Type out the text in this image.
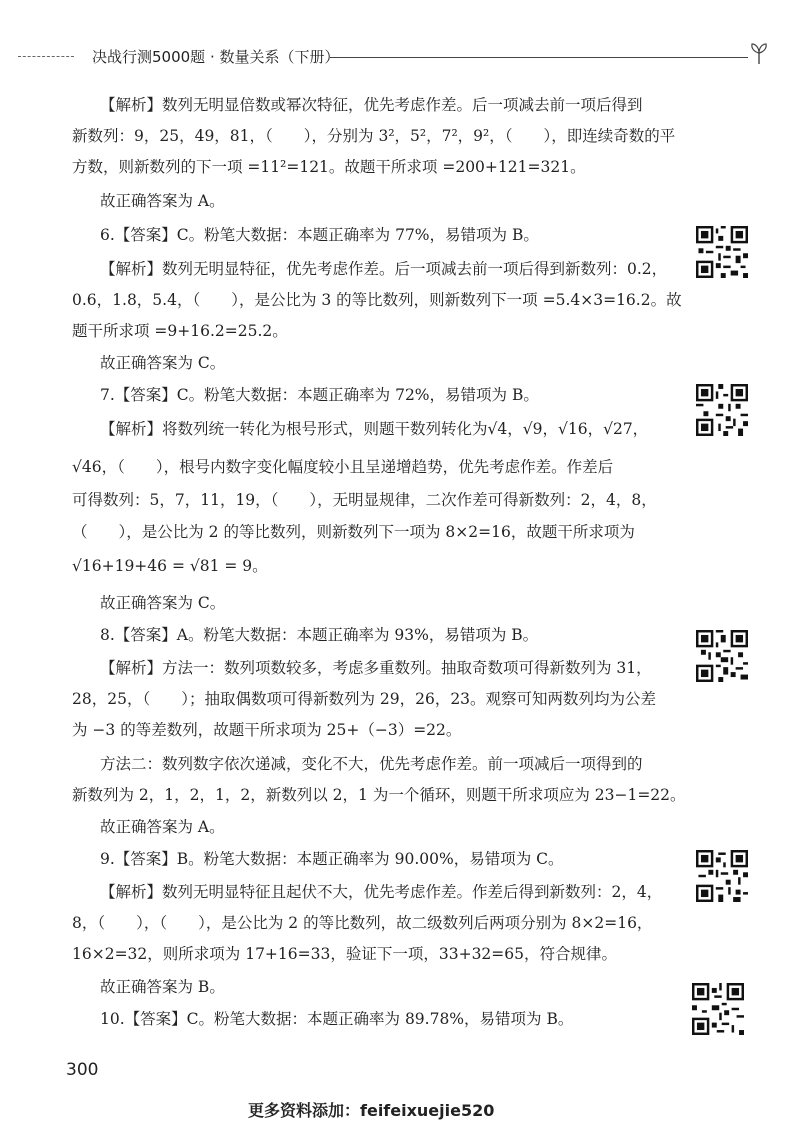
决战行测5000题 · 数量关系（下册）
【解析】数列无明显倍数或幂次特征，优先考虑作差。后一项减去前一项后得到
新数列：9，25，49，81，（　　），分别为 3²，5²，7²，9²，（　　），即连续奇数的平
方数，则新数列的下一项 =11²=121。故题干所求项 =200+121=321。
故正确答案为 A。
6.【答案】C。粉笔大数据：本题正确率为 77%，易错项为 B。
【解析】数列无明显特征，优先考虑作差。后一项减去前一项后得到新数列：0.2，
0.6，1.8，5.4，（　　），是公比为 3 的等比数列，则新数列下一项 =5.4×3=16.2。故
题干所求项 =9+16.2=25.2。
故正确答案为 C。
7.【答案】C。粉笔大数据：本题正确率为 72%，易错项为 B。
【解析】将数列统一转化为根号形式，则题干数列转化为√4，√9，√16，√27，
√46，（　　），根号内数字变化幅度较小且呈递增趋势，优先考虑作差。作差后
可得数列：5，7，11，19，（　　），无明显规律，二次作差可得新数列：2，4，8，
（　　），是公比为 2 的等比数列，则新数列下一项为 8×2=16，故题干所求项为
√16+19+46 = √81 = 9。
故正确答案为 C。
8.【答案】A。粉笔大数据：本题正确率为 93%，易错项为 B。
【解析】方法一：数列项数较多，考虑多重数列。抽取奇数项可得新数列为 31，
28，25，（　　）；抽取偶数项可得新数列为 29，26，23。观察可知两数列均为公差
为 −3 的等差数列，故题干所求项为 25+（−3）=22。
方法二：数列数字依次递减，变化不大，优先考虑作差。前一项减后一项得到的
新数列为 2，1，2，1，2，新数列以 2，1 为一个循环，则题干所求项应为 23−1=22。
故正确答案为 A。
9.【答案】B。粉笔大数据：本题正确率为 90.00%，易错项为 C。
【解析】数列无明显特征且起伏不大，优先考虑作差。作差后得到新数列：2，4，
8，（　　），（　　），是公比为 2 的等比数列，故二级数列后两项分别为 8×2=16，
16×2=32，则所求项为 17+16=33，验证下一项，33+32=65，符合规律。
故正确答案为 B。
10.【答案】C。粉笔大数据：本题正确率为 89.78%，易错项为 B。
300
更多资料添加：feifeixuejie520
